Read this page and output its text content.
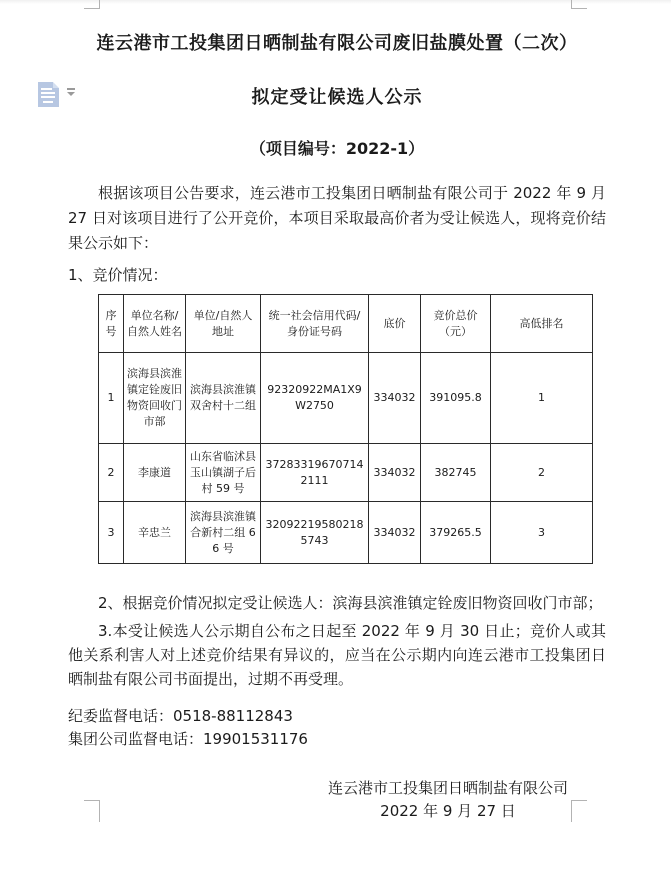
连云港市工投集团日晒制盐有限公司废旧盐膜处置（二次）
拟定受让候选人公示
（项目编号：2022-1）
根据该项目公告要求，连云港市工投集团日晒制盐有限公司于 2022 年 9 月 27 日对该项目进行了公开竞价，本项目采取最高价者为受让候选人，现将竞价结果公示如下：
1、竞价情况：
序号	单位名称/自然人姓名	单位/自然人地址	统一社会信用代码/身份证号码	底价	竞价总价（元）	高低排名
1	滨海县滨淮镇定铨废旧物资回收门市部	滨海县滨淮镇双舍村十二组	92320922MA1X9W2750	334032	391095.8	1
2	李康道	山东省临沭县玉山镇湖子后村 59 号	372833196707142111	334032	382745	2
3	辛忠兰	滨海县滨淮镇合新村二组 66 号	320922195802185743	334032	379265.5	3
2、根据竞价情况拟定受让候选人：滨海县滨淮镇定铨废旧物资回收门市部；
3.本受让候选人公示期自公布之日起至 2022 年 9 月 30 日止；竞价人或其他关系利害人对上述竞价结果有异议的，应当在公示期内向连云港市工投集团日晒制盐有限公司书面提出，过期不再受理。
纪委监督电话：0518-88112843
集团公司监督电话：19901531176
连云港市工投集团日晒制盐有限公司
2022 年 9 月 27 日
